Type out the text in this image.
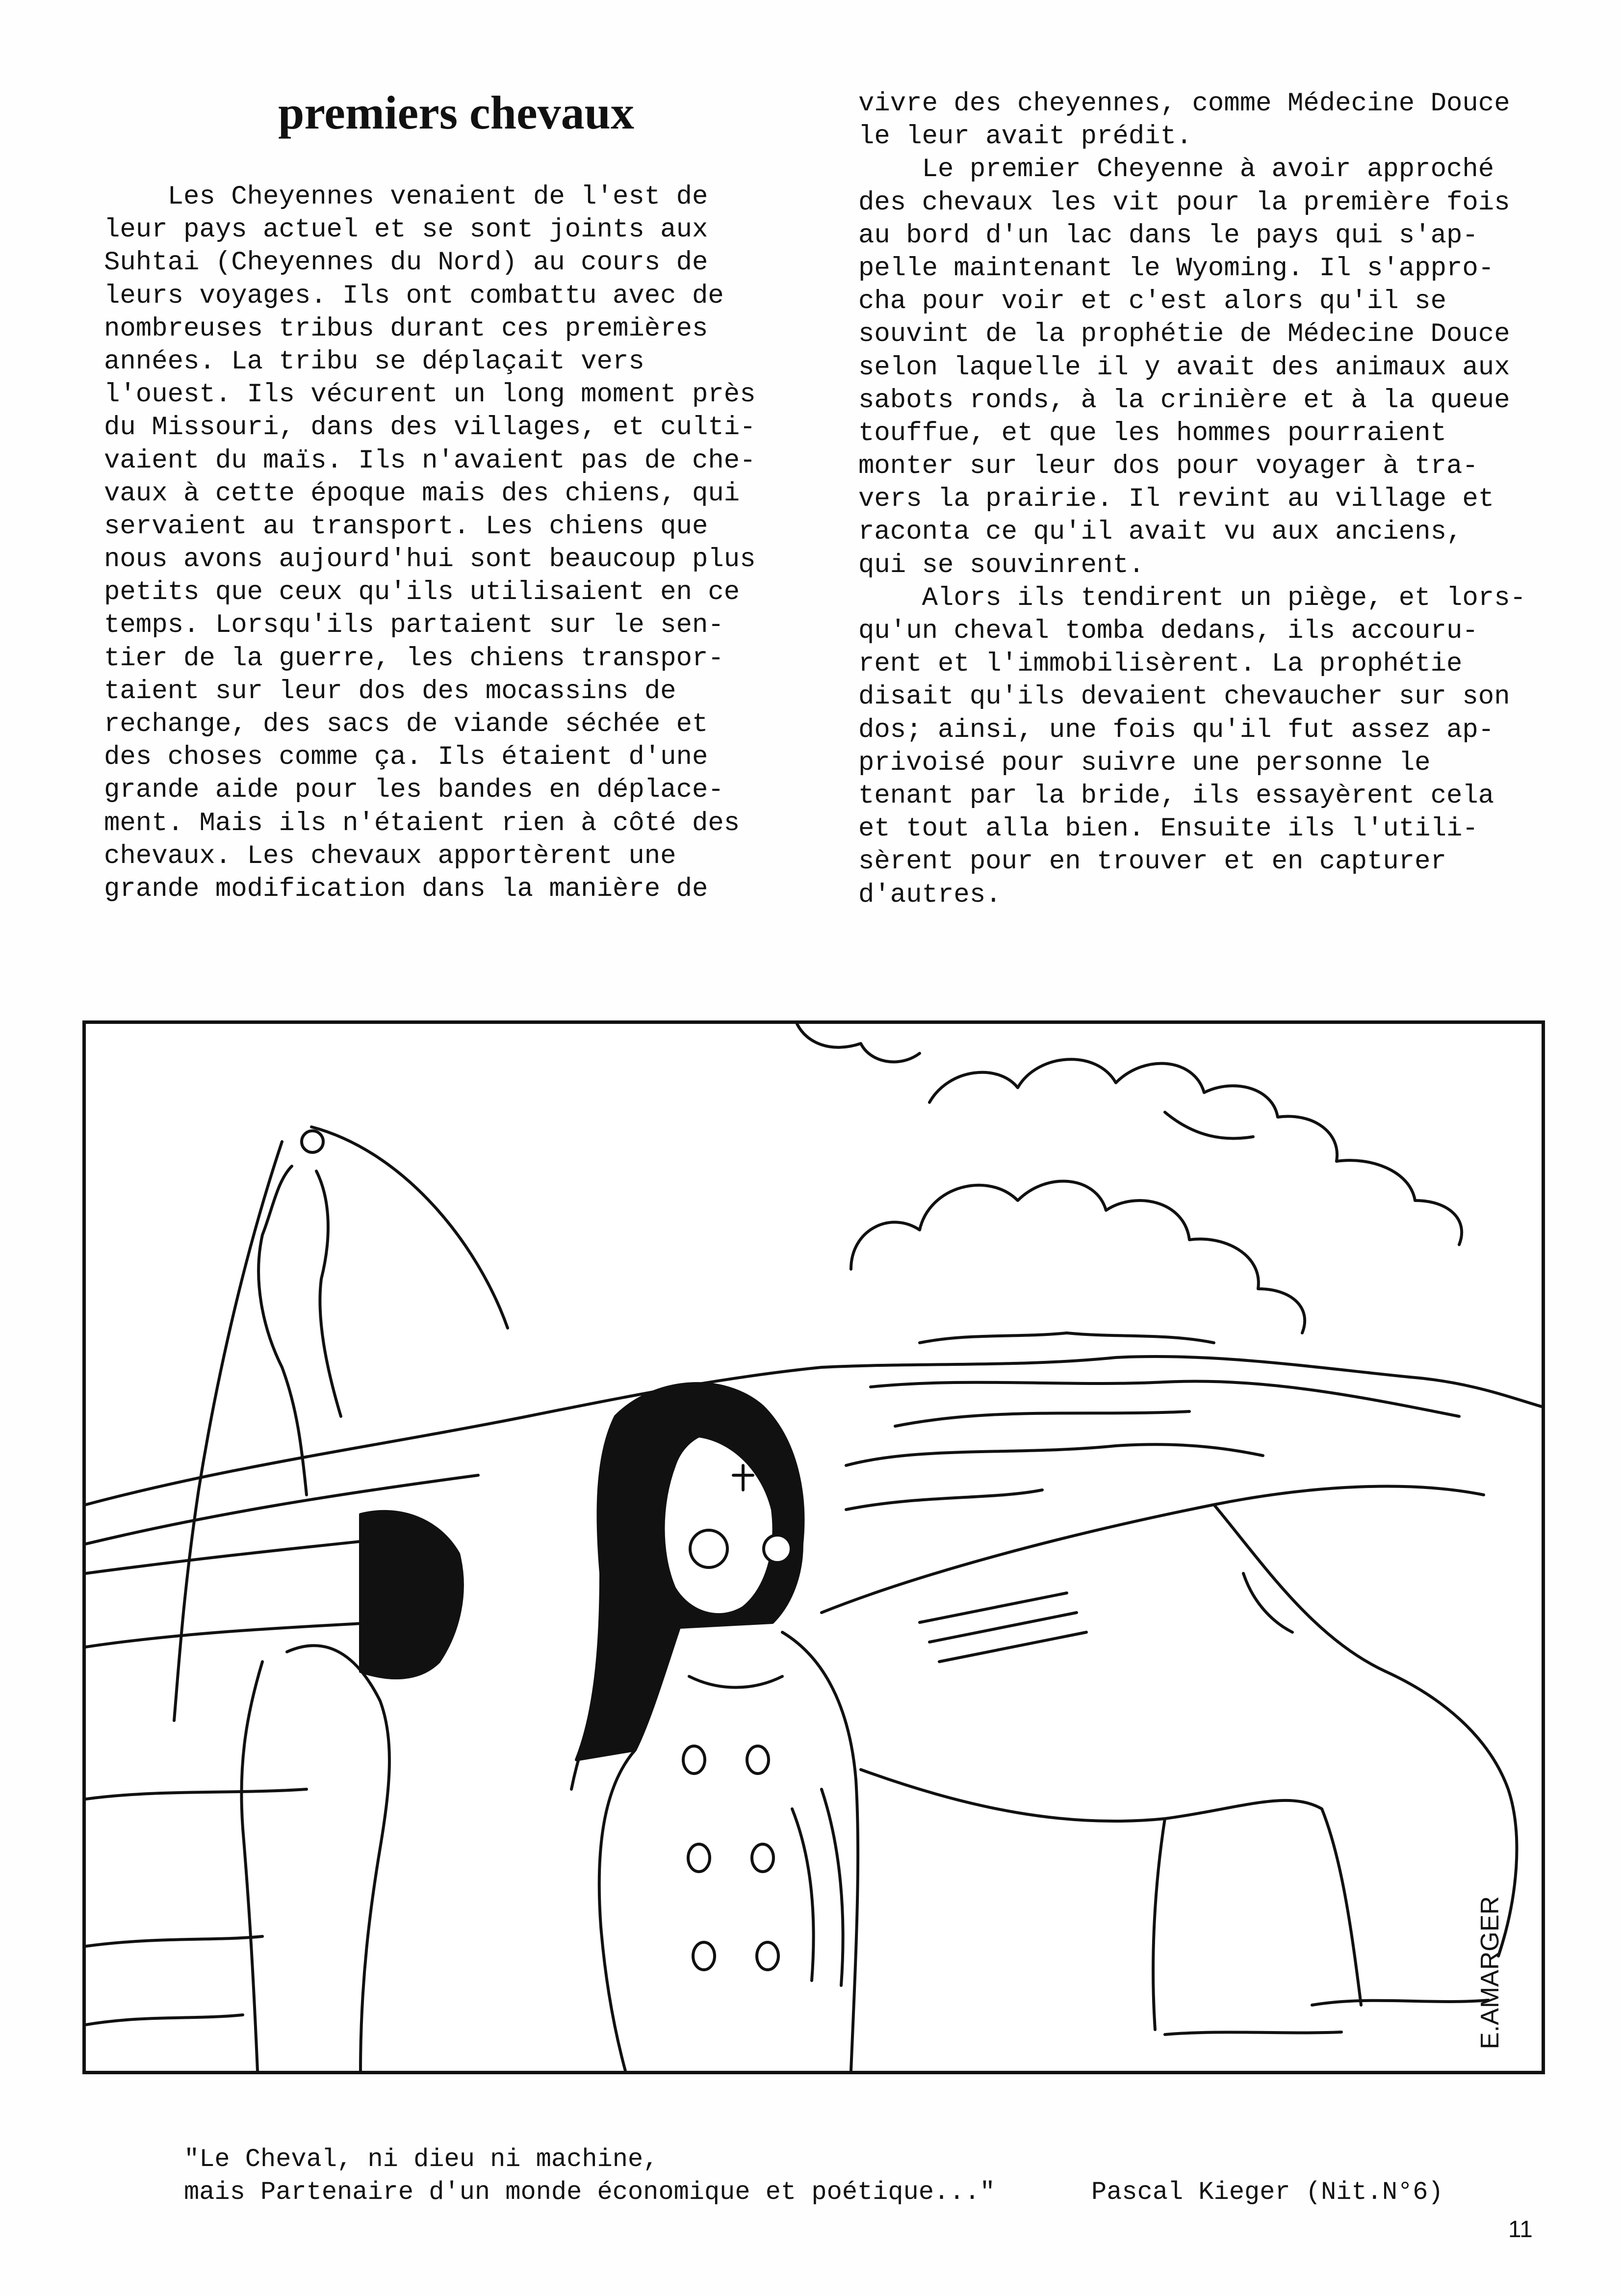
premiers chevaux
Les Cheyennes venaient de l'est de
leur pays actuel et se sont joints aux
Suhtai (Cheyennes du Nord) au cours de
leurs voyages. Ils ont combattu avec de
nombreuses tribus durant ces premières
années. La tribu se déplaçait vers
l'ouest. Ils vécurent un long moment près
du Missouri, dans des villages, et culti-
vaient du maïs. Ils n'avaient pas de che-
vaux à cette époque mais des chiens, qui
servaient au transport. Les chiens que
nous avons aujourd'hui sont beaucoup plus
petits que ceux qu'ils utilisaient en ce
temps. Lorsqu'ils partaient sur le sen-
tier de la guerre, les chiens transpor-
taient sur leur dos des mocassins de
rechange, des sacs de viande séchée et
des choses comme ça. Ils étaient d'une
grande aide pour les bandes en déplace-
ment. Mais ils n'étaient rien à côté des
chevaux. Les chevaux apportèrent une
grande modification dans la manière de
vivre des cheyennes, comme Médecine Douce
le leur avait prédit.
Le premier Cheyenne à avoir approché
des chevaux les vit pour la première fois
au bord d'un lac dans le pays qui s'ap-
pelle maintenant le Wyoming. Il s'appro-
cha pour voir et c'est alors qu'il se
souvint de la prophétie de Médecine Douce
selon laquelle il y avait des animaux aux
sabots ronds, à la crinière et à la queue
touffue, et que les hommes pourraient
monter sur leur dos pour voyager à tra-
vers la prairie. Il revint au village et
raconta ce qu'il avait vu aux anciens,
qui se souvinrent.
Alors ils tendirent un piège, et lors-
qu'un cheval tomba dedans, ils accouru-
rent et l'immobilisèrent. La prophétie
disait qu'ils devaient chevaucher sur son
dos; ainsi, une fois qu'il fut assez ap-
privoisé pour suivre une personne le
tenant par la bride, ils essayèrent cela
et tout alla bien. Ensuite ils l'utili-
sèrent pour en trouver et en capturer
d'autres.
E.AMARGER
"Le Cheval, ni dieu ni machine,
mais Partenaire d'un monde économique et poétique..."	Pascal Kieger (Nit.N°6)
11
